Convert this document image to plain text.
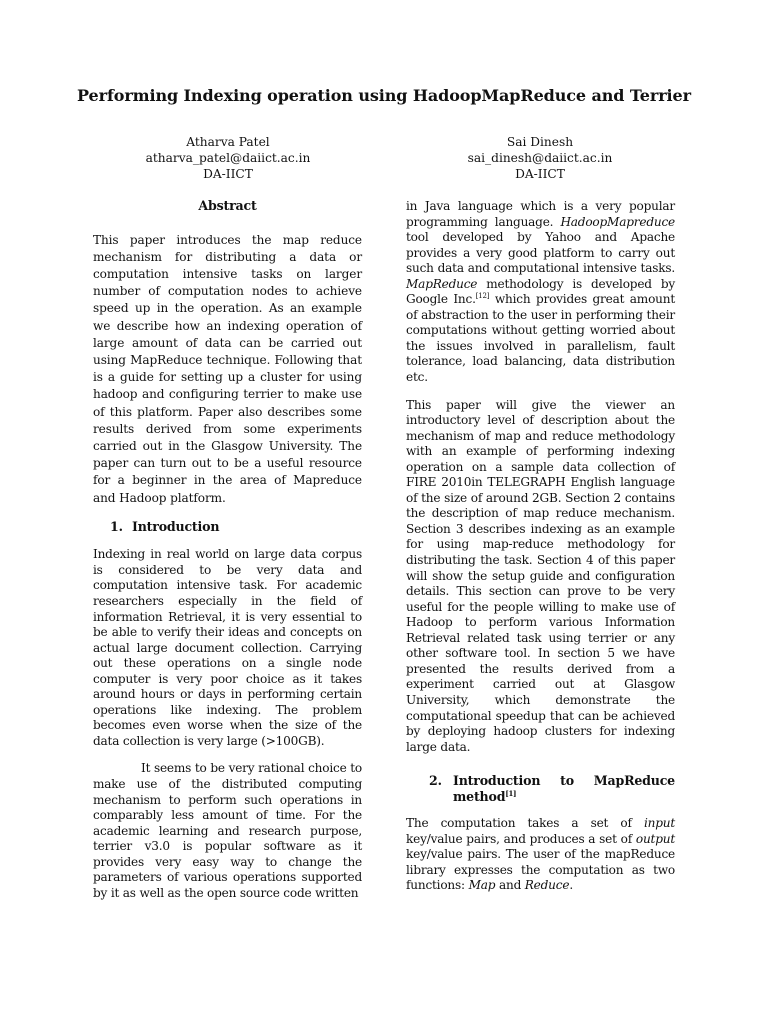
Performing Indexing operation using HadoopMapReduce and Terrier
Atharva Patel
atharva_patel@daiict.ac.in
DA-IICT
Sai Dinesh
sai_dinesh@daiict.ac.in
DA-IICT
Abstract

This paper introduces the map reduce mechanism for distributing a data or computation intensive tasks on larger number of computation nodes to achieve speed up in the operation. As an example we describe how an indexing operation of large amount of data can be carried out using MapReduce technique. Following that is a guide for setting up a cluster for using hadoop and configuring terrier to make use of this platform. Paper also describes some results derived from some experiments carried out in the Glasgow University. The paper can turn out to be a useful resource for a beginner in the area of Mapreduce and Hadoop platform.

1. Introduction

Indexing in real world on large data corpus is considered to be very data and computation intensive task. For academic researchers especially in the field of information Retrieval, it is very essential to be able to verify their ideas and concepts on actual large document collection. Carrying out these operations on a single node computer is very poor choice as it takes around hours or days in performing certain operations like indexing. The problem becomes even worse when the size of the data collection is very large (>100GB).

It seems to be very rational choice to make use of the distributed computing mechanism to perform such operations in comparably less amount of time. For the academic learning and research purpose, terrier v3.0 is popular software as it provides very easy way to change the parameters of various operations supported by it as well as the open source code written

in Java language which is a very popular programming language. HadoopMapreduce tool developed by Yahoo and Apache provides a very good platform to carry out such data and computational intensive tasks. MapReduce methodology is developed by Google Inc.[12] which provides great amount of abstraction to the user in performing their computations without getting worried about the issues involved in parallelism, fault tolerance, load balancing, data distribution etc.

This paper will give the viewer an introductory level of description about the mechanism of map and reduce methodology with an example of performing indexing operation on a sample data collection of FIRE 2010in TELEGRAPH English language of the size of around 2GB. Section 2 contains the description of map reduce mechanism. Section 3 describes indexing as an example for using map-reduce methodology for distributing the task. Section 4 of this paper will show the setup guide and configuration details. This section can prove to be very useful for the people willing to make use of Hadoop to perform various Information Retrieval related task using terrier or any other software tool. In section 5 we have presented the results derived from a experiment carried out at Glasgow University, which demonstrate the computational speedup that can be achieved by deploying hadoop clusters for indexing large data.

2. Introduction to MapReduce method[1]

The computation takes a set of input key/value pairs, and produces a set of output key/value pairs. The user of the mapReduce library expresses the computation as two functions: Map and Reduce.
